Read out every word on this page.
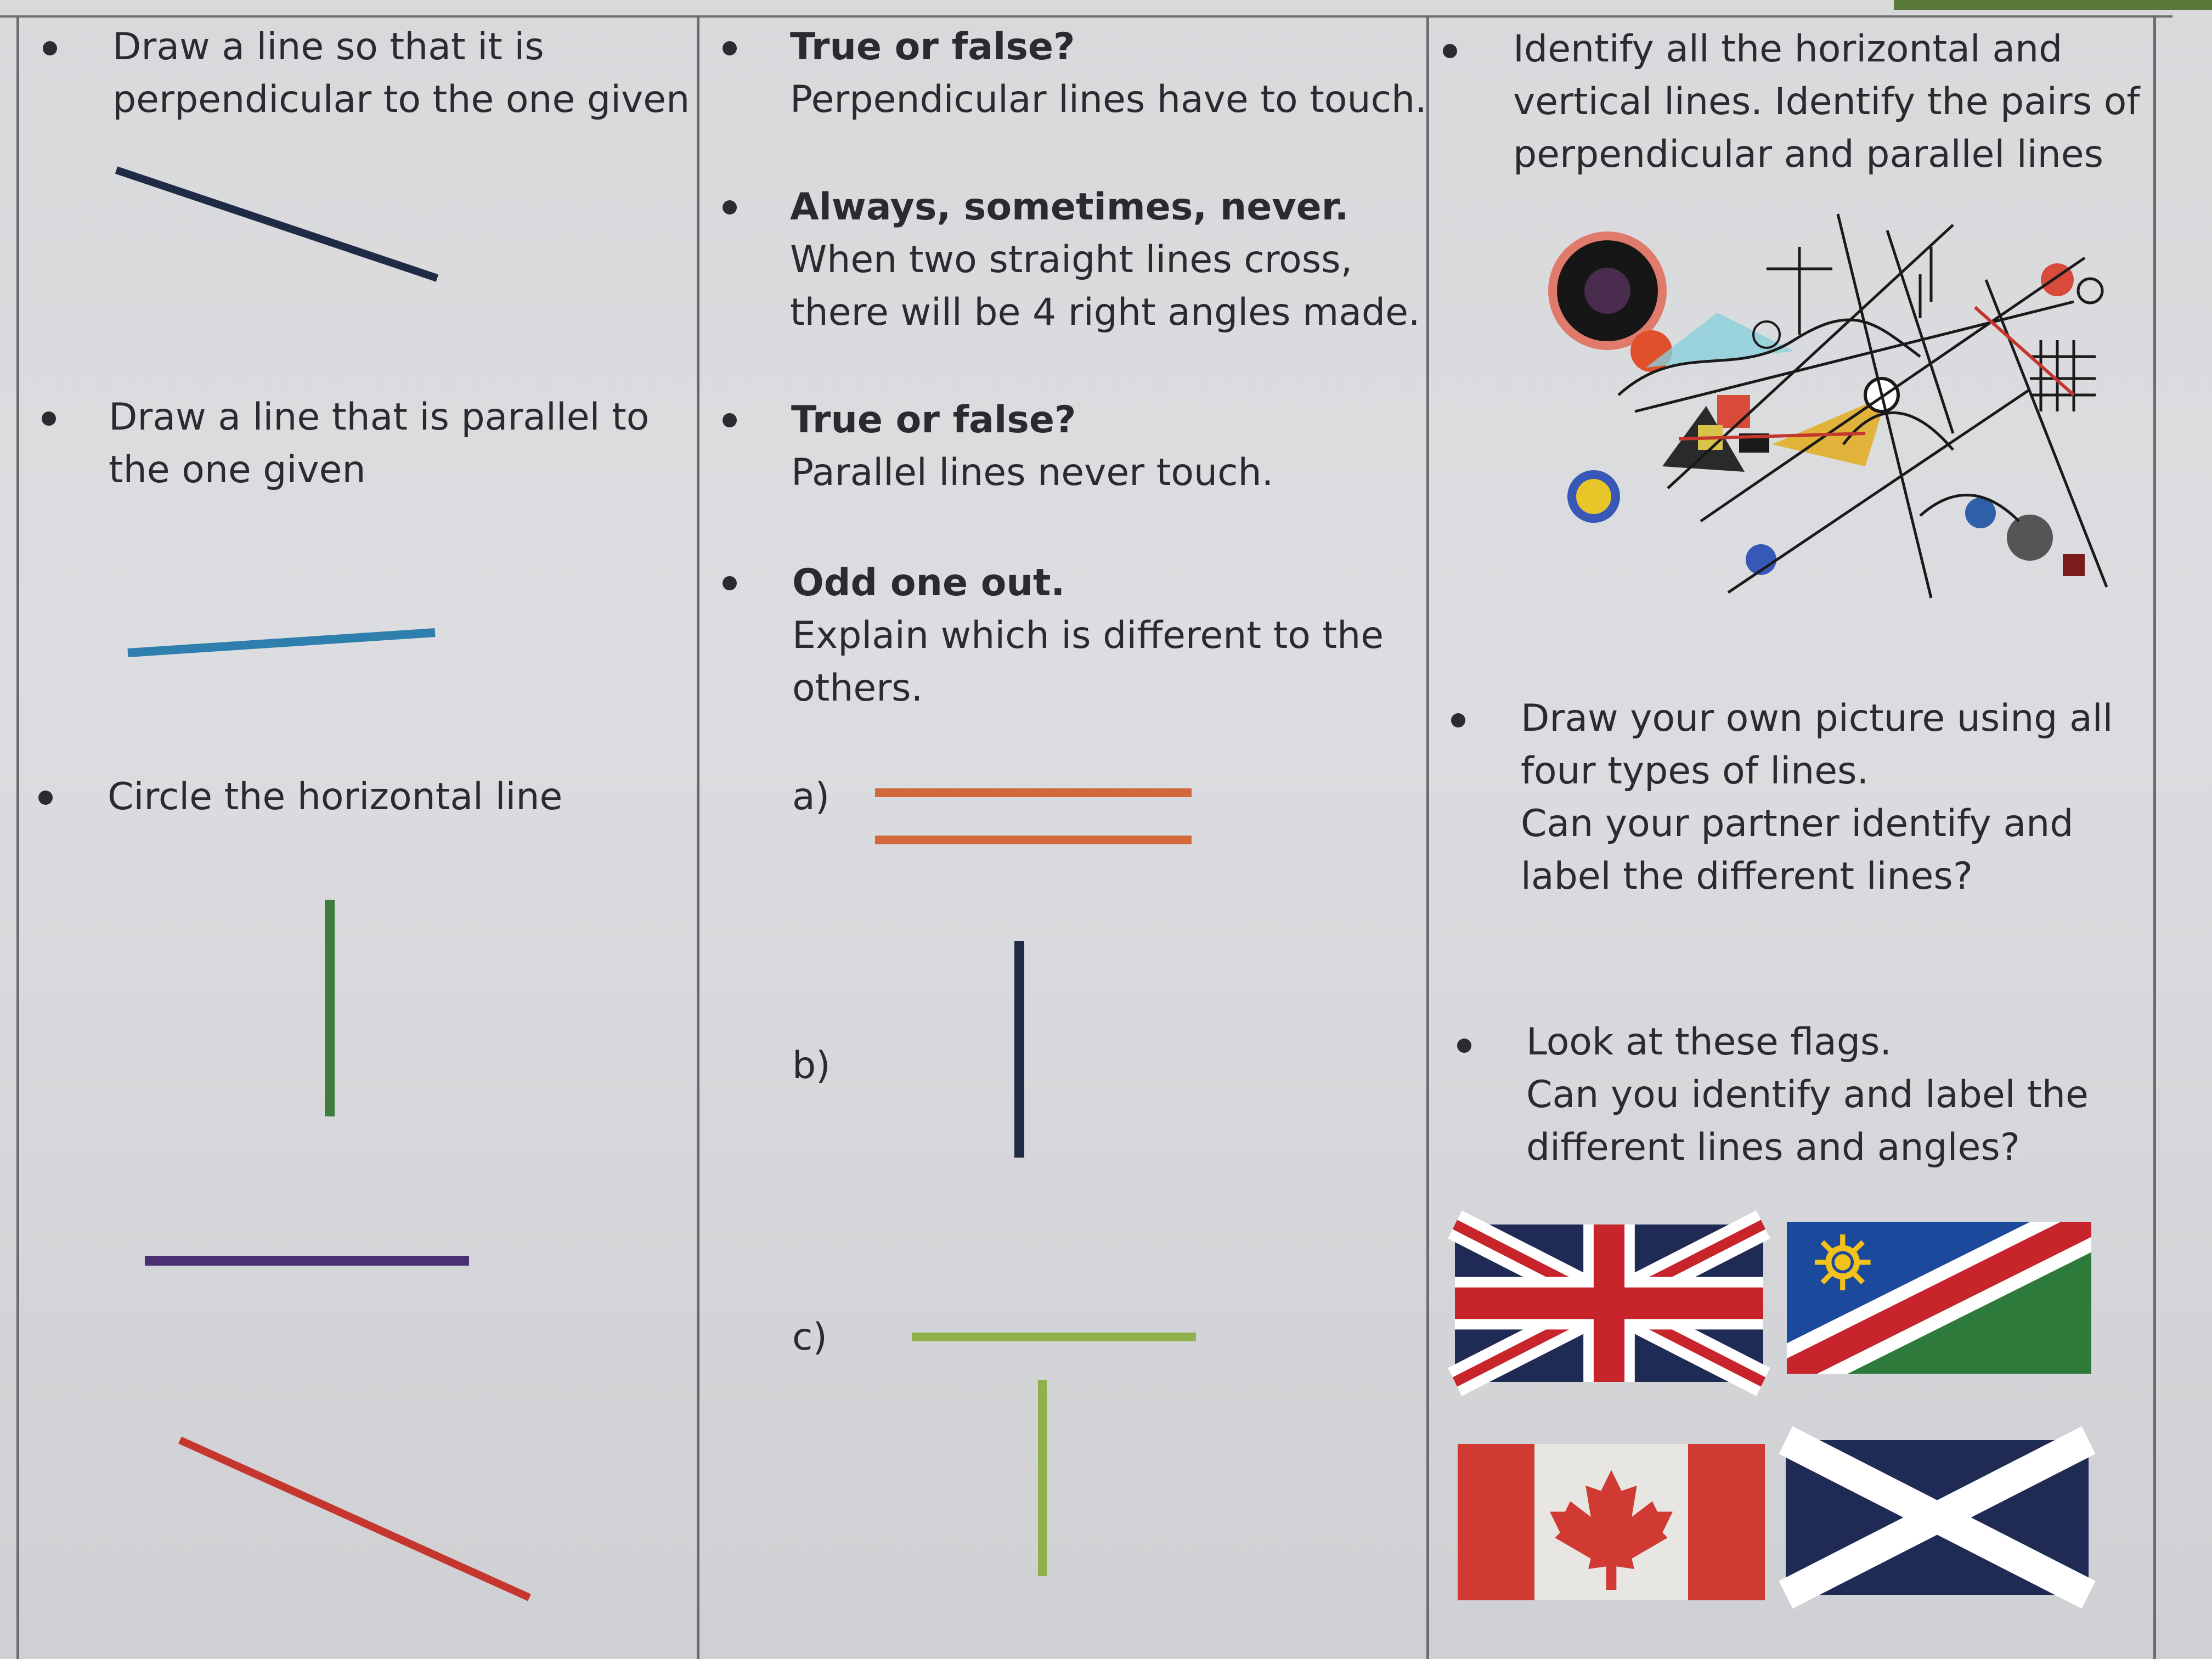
Draw a line so that it is
perpendicular to the one given
Draw a line that is parallel to
the one given
Circle the horizontal line
True or false?
Perpendicular lines have to touch.
Always, sometimes, never.
When two straight lines cross,
there will be 4 right angles made.
True or false?
Parallel lines never touch.
Odd one out.
Explain which is different to the
others.
a)
b)
c)
Identify all the horizontal and
vertical lines. Identify the pairs of
perpendicular and parallel lines
Draw your own picture using all
four types of lines.
Can your partner identify and
label the different lines?
Look at these flags.
Can you identify and label the
different lines and angles?
